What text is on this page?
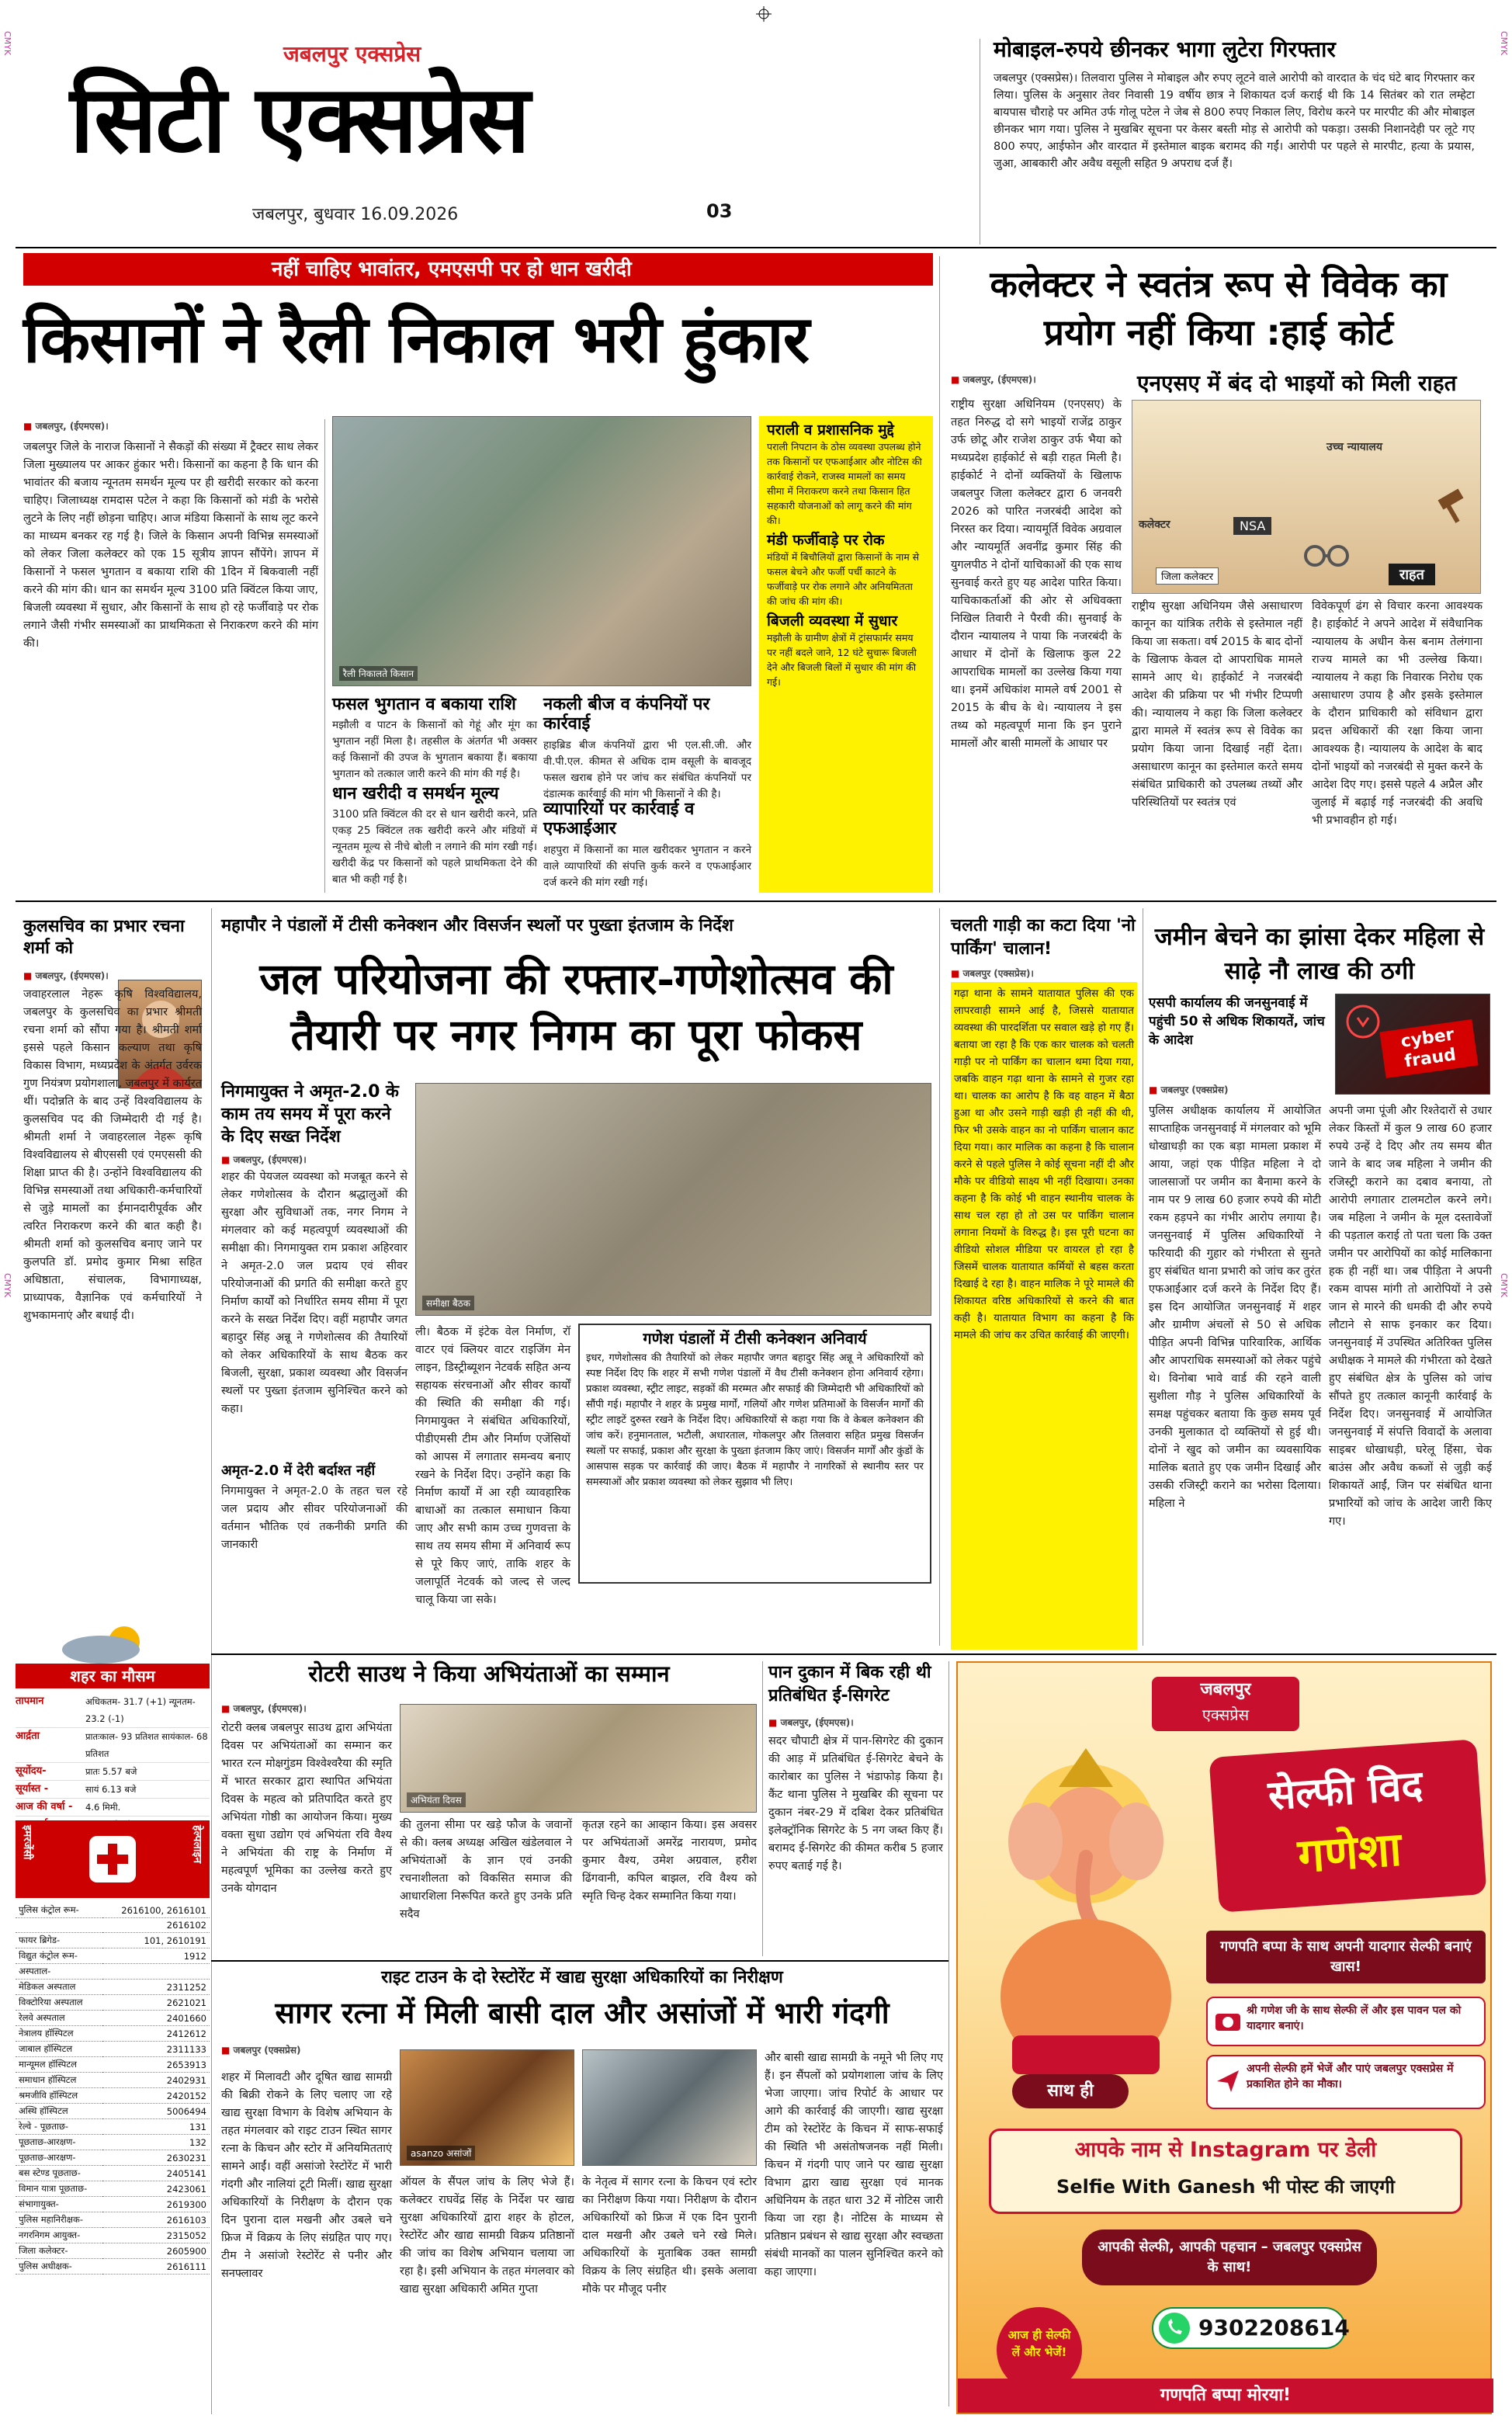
CMYK	CMYK
CMYK	CMYK
जबलपुर एक्सप्रेस
सिटी एक्सप्रेस
जबलपुर, बुधवार 16.09.2026	03
मोबाइल-रुपये छीनकर भागा लुटेरा गिरफ्तार
जबलपुर (एक्सप्रेस)। तिलवारा पुलिस ने मोबाइल और रुपए लूटने वाले आरोपी को वारदात के चंद घंटे बाद गिरफ्तार कर लिया। पुलिस के अनुसार तेवर निवासी 19 वर्षीय छात्र ने शिकायत दर्ज कराई थी कि 14 सितंबर को रात लम्हेटा बायपास चौराहे पर अमित उर्फ गोलू पटेल ने जेब से 800 रुपए निकाल लिए, विरोध करने पर मारपीट की और मोबाइल छीनकर भाग गया। पुलिस ने मुखबिर सूचना पर केसर बस्ती मोड़ से आरोपी को पकड़ा। उसकी निशानदेही पर लूटे गए 800 रुपए, आईफोन और वारदात में इस्तेमाल बाइक बरामद की गईं। आरोपी पर पहले से मारपीट, हत्या के प्रयास, जुआ, आबकारी और अवैध वसूली सहित 9 अपराध दर्ज हैं।
नहीं चाहिए भावांतर, एमएसपी पर हो धान खरीदी
किसानों ने रैली निकाल भरी हुंकार
■ जबलपुर, (ईएमएस)।
जबलपुर जिले के नाराज किसानों ने सैकड़ों की संख्या में ट्रैक्टर साथ लेकर जिला मुख्यालय पर आकर हुंकार भरी। किसानों का कहना है कि धान की भावांतर की बजाय न्यूनतम समर्थन मूल्य पर ही खरीदी सरकार को करना चाहिए। जिलाध्यक्ष रामदास पटेल ने कहा कि किसानों को मंडी के भरोसे लुटने के लिए नहीं छोड़ना चाहिए। आज मंडिया किसानों के साथ लूट करने का माध्यम बनकर रह गई है। जिले के किसान अपनी विभिन्न समस्याओं को लेकर जिला कलेक्टर को एक 15 सूत्रीय ज्ञापन सौंपेंगे। ज्ञापन में किसानों ने फसल भुगतान व बकाया राशि की 1दिन में बिकवाली नहीं करने की मांग की। धान का समर्थन मूल्य 3100 प्रति क्विंटल किया जाए, बिजली व्यवस्था में सुधार, और किसानों के साथ हो रहे फर्जीवाड़े पर रोक लगाने जैसी गंभीर समस्याओं का प्राथमिकता से निराकरण करने की मांग की।
रैली निकालते किसान
फसल भुगतान व बकाया राशि
मझौली व पाटन के किसानों को गेहूं और मूंग का भुगतान नहीं मिला है। तहसील के अंतर्गत भी अक्सर कई किसानों की उपज के भुगतान बकाया हैं। बकाया भुगतान को तत्काल जारी करने की मांग की गई है।
नकली बीज व कंपनियों पर कार्रवाई
हाइब्रिड बीज कंपनियों द्वारा भी एल.सी.जी. और वी.पी.एल. कीमत से अधिक दाम वसूली के बावजूद फसल खराब होने पर जांच कर संबंधित कंपनियों पर दंडात्मक कार्रवाई की मांग भी किसानों ने की है।
धान खरीदी व समर्थन मूल्य
3100 प्रति क्विंटल की दर से धान खरीदी करने, प्रति एकड़ 25 क्विंटल तक खरीदी करने और मंडियों में न्यूनतम मूल्य से नीचे बोली न लगाने की मांग रखी गई। खरीदी केंद्र पर किसानों को पहले प्राथमिकता देने की बात भी कही गई है।
व्यापारियों पर कार्रवाई व एफआईआर
शहपुरा में किसानों का माल खरीदकर भुगतान न करने वाले व्यापारियों की संपत्ति कुर्क करने व एफआईआर दर्ज करने की मांग रखी गई।
पराली व प्रशासनिक मुद्दे
पराली निपटान के ठोस व्यवस्था उपलब्ध होने तक किसानों पर एफआईआर और नोटिस की कार्रवाई रोकने, राजस्व मामलों का समय सीमा में निराकरण करने तथा किसान हित सहकारी योजनाओं को लागू करने की मांग की।
मंडी फर्जीवाड़े पर रोक
मंडियों में बिचौलियों द्वारा किसानों के नाम से फसल बेचने और फर्जी पर्ची काटने के फर्जीवाड़े पर रोक लगाने और अनियमितता की जांच की मांग की।
बिजली व्यवस्था में सुधार
मझौली के ग्रामीण क्षेत्रों में ट्रांसफार्मर समय पर नहीं बदले जाने, 12 घंटे सुचारू बिजली देने और बिजली बिलों में सुधार की मांग की गई।
कलेक्टर ने स्वतंत्र रूप से विवेक का प्रयोग नहीं किया :हाई कोर्ट
■ जबलपुर, (ईएमएस)।	एनएसए में बंद दो भाइयों को मिली राहत
राष्ट्रीय सुरक्षा अधिनियम (एनएसए) के तहत निरुद्ध दो सगे भाइयों राजेंद्र ठाकुर उर्फ छोटू और राजेश ठाकुर उर्फ भैया को मध्यप्रदेश हाईकोर्ट से बड़ी राहत मिली है। हाईकोर्ट ने दोनों व्यक्तियों के खिलाफ जबलपुर जिला कलेक्टर द्वारा 6 जनवरी 2026 को पारित नजरबंदी आदेश को निरस्त कर दिया। न्यायमूर्ति विवेक अग्रवाल और न्यायमूर्ति अवनींद्र कुमार सिंह की युगलपीठ ने दोनों याचिकाओं की एक साथ सुनवाई करते हुए यह आदेश पारित किया। याचिकाकर्ताओं की ओर से अधिवक्ता निखिल तिवारी ने पैरवी की। सुनवाई के दौरान न्यायालय ने पाया कि नजरबंदी के आधार में दोनों के खिलाफ कुल 22 आपराधिक मामलों का उल्लेख किया गया था। इनमें अधिकांश मामले वर्ष 2001 से 2015 के बीच के थे। न्यायालय ने इस तथ्य को महत्वपूर्ण माना कि इन पुराने मामलों और बासी मामलों के आधार पर
NSA
कलेक्टर
उच्च न्यायालय
राहत
जिला कलेक्टर
राष्ट्रीय सुरक्षा अधिनियम जैसे असाधारण कानून का यांत्रिक तरीके से इस्तेमाल नहीं किया जा सकता। वर्ष 2015 के बाद दोनों के खिलाफ केवल दो आपराधिक मामले सामने आए थे। हाईकोर्ट ने नजरबंदी आदेश की प्रक्रिया पर भी गंभीर टिप्पणी की। न्यायालय ने कहा कि जिला कलेक्टर द्वारा मामले में स्वतंत्र रूप से विवेक का प्रयोग किया जाना दिखाई नहीं देता। असाधारण कानून का इस्तेमाल करते समय संबंधित प्राधिकारी को उपलब्ध तथ्यों और परिस्थितियों पर स्वतंत्र एवं
विवेकपूर्ण ढंग से विचार करना आवश्यक है। हाईकोर्ट ने अपने आदेश में संवैधानिक न्यायालय के अधीन केस बनाम तेलंगाना राज्य मामले का भी उल्लेख किया। न्यायालय ने कहा कि निवारक निरोध एक असाधारण उपाय है और इसके इस्तेमाल के दौरान प्राधिकारी को संविधान द्वारा प्रदत्त अधिकारों की रक्षा किया जाना आवश्यक है। न्यायालय के आदेश के बाद दोनों भाइयों को नजरबंदी से मुक्त करने के आदेश दिए गए। इससे पहले 4 अप्रैल और जुलाई में बढ़ाई गई नजरबंदी की अवधि भी प्रभावहीन हो गई।
कुलसचिव का प्रभार रचना शर्मा को
■ जबलपुर, (ईएमएस)।
जवाहरलाल नेहरू कृषि विश्वविद्यालय, जबलपुर के कुलसचिव का प्रभार श्रीमती रचना शर्मा को सौंपा गया है। श्रीमती शर्मा इससे पहले किसान कल्याण तथा कृषि विकास विभाग, मध्यप्रदेश के अंतर्गत उर्वरक गुण नियंत्रण प्रयोगशाला, जबलपुर में कार्यरत थीं। पदोन्नति के बाद उन्हें विश्वविद्यालय के कुलसचिव पद की जिम्मेदारी दी गई है। श्रीमती शर्मा ने जवाहरलाल नेहरू कृषि विश्वविद्यालय से बीएससी एवं एमएससी की शिक्षा प्राप्त की है। उन्होंने विश्वविद्यालय की विभिन्न समस्याओं तथा अधिकारी-कर्मचारियों से जुड़े मामलों का ईमानदारीपूर्वक और त्वरित निराकरण करने की बात कही है। श्रीमती शर्मा को कुलसचिव बनाए जाने पर कुलपति डॉ. प्रमोद कुमार मिश्रा सहित अधिष्ठाता, संचालक, विभागाध्यक्ष, प्राध्यापक, वैज्ञानिक एवं कर्मचारियों ने शुभकामनाएं और बधाई दी।
शहर का मौसम
तापमान	अधिकतम- 31.7 (+1) न्यूनतम- 23.2 (-1)
आर्द्रता	प्रातःकाल- 93 प्रतिशत सायंकाल- 68 प्रतिशत
सूर्योदय-	प्रातः 5.57 बजे
सूर्यास्त -	सायं 6.13 बजे
आज की वर्षा -	4.6 मिमी.
इमरजेंसी	हेल्पलाइन
पुलिस कंट्रोल रूम-	2616100, 2616101
	2616102
फायर ब्रिगेड-	101, 2610191
विद्युत कंट्रोल रूम-	1912
अस्पताल-	
मेडिकल अस्पताल	2311252
विक्टोरिया अस्पताल	2621021
रेलवे अस्पताल	2401660
नेत्रालय हॉस्पिटल	2412612
जाबाल हॉस्पिटल	2311133
मान्यूमल हॉस्पिटल	2653913
समाधान हॉस्पिटल	2402931
श्रमजीवि हॉस्पिटल	2420152
अस्थि हॉस्पिटल	5006494
रेल्वे - पूछताछ-	131
पूछताछ-आरक्षण-	132
पूछताछ-आरक्षण-	2630231
बस स्टेण्ड पूछताछ-	2405141
विमान यात्रा पूछताछ-	2423061
संभागायुक्त-	2619300
पुलिस महानिरीक्षक-	2616103
नगरनिगम आयुक्त-	2315052
जिला कलेक्टर-	2605900
पुलिस अधीक्षक-	2616111
महापौर ने पंडालों में टीसी कनेक्शन और विसर्जन स्थलों पर पुख्ता इंतजाम के निर्देश
जल परियोजना की रफ्तार-गणेशोत्सव की तैयारी पर नगर निगम का पूरा फोकस
निगमायुक्त ने अमृत-2.0 के काम तय समय में पूरा करने के दिए सख्त निर्देश
■ जबलपुर, (ईएमएस)।
समीक्षा बैठक
शहर की पेयजल व्यवस्था को मजबूत करने से लेकर गणेशोत्सव के दौरान श्रद्धालुओं की सुरक्षा और सुविधाओं तक, नगर निगम ने मंगलवार को कई महत्वपूर्ण व्यवस्थाओं की समीक्षा की। निगमायुक्त राम प्रकाश अहिरवार ने अमृत-2.0 जल प्रदाय एवं सीवर परियोजनाओं की प्रगति की समीक्षा करते हुए निर्माण कार्यों को निर्धारित समय सीमा में पूरा करने के सख्त निर्देश दिए। वहीं महापौर जगत बहादुर सिंह अन्नू ने गणेशोत्सव की तैयारियों को लेकर अधिकारियों के साथ बैठक कर बिजली, सुरक्षा, प्रकाश व्यवस्था और विसर्जन स्थलों पर पुख्ता इंतजाम सुनिश्चित करने को कहा।
अमृत-2.0 में देरी बर्दाश्त नहीं
निगमायुक्त ने अमृत-2.0 के तहत चल रहे जल प्रदाय और सीवर परियोजनाओं की वर्तमान भौतिक एवं तकनीकी प्रगति की जानकारी
ली। बैठक में इंटेक वेल निर्माण, रॉ वाटर एवं क्लियर वाटर राइजिंग मेन लाइन, डिस्ट्रीब्यूशन नेटवर्क सहित अन्य सहायक संरचनाओं और सीवर कार्यों की स्थिति की समीक्षा की गई। निगमायुक्त ने संबंधित अधिकारियों, पीडीएमसी टीम और निर्माण एजेंसियों को आपस में लगातार समन्वय बनाए रखने के निर्देश दिए। उन्होंने कहा कि निर्माण कार्यों में आ रही व्यावहारिक बाधाओं का तत्काल समाधान किया जाए और सभी काम उच्च गुणवत्ता के साथ तय समय सीमा में अनिवार्य रूप से पूरे किए जाएं, ताकि शहर के जलापूर्ति नेटवर्क को जल्द से जल्द चालू किया जा सके।
गणेश पंडालों में टीसी कनेक्शन अनिवार्य
इधर, गणेशोत्सव की तैयारियों को लेकर महापौर जगत बहादुर सिंह अन्नू ने अधिकारियों को स्पष्ट निर्देश दिए कि शहर में सभी गणेश पंडालों में वैध टीसी कनेक्शन होना अनिवार्य रहेगा। प्रकाश व्यवस्था, स्ट्रीट लाइट, सड़कों की मरम्मत और सफाई की जिम्मेदारी भी अधिकारियों को सौंपी गई। महापौर ने शहर के प्रमुख मार्गों, गलियों और गणेश प्रतिमाओं के विसर्जन मार्गों की स्ट्रीट लाइटें दुरुस्त रखने के निर्देश दिए। अधिकारियों से कहा गया कि वे केबल कनेक्शन की जांच करें। हनुमानताल, भटौली, अधारताल, गोकलपुर और तिलवारा सहित प्रमुख विसर्जन स्थलों पर सफाई, प्रकाश और सुरक्षा के पुख्ता इंतजाम किए जाएं। विसर्जन मार्गों और कुंडों के आसपास सड़क पर कार्रवाई की जाए। बैठक में महापौर ने नागरिकों से स्थानीय स्तर पर समस्याओं और प्रकाश व्यवस्था को लेकर सुझाव भी लिए।
चलती गाड़ी का कटा दिया 'नो पार्किंग' चालान!
■ जबलपुर (एक्सप्रेस)।
गढ़ा थाना के सामने यातायात पुलिस की एक लापरवाही सामने आई है, जिससे यातायात व्यवस्था की पारदर्शिता पर सवाल खड़े हो गए हैं। बताया जा रहा है कि एक कार चालक को चलती गाड़ी पर नो पार्किंग का चालान थमा दिया गया, जबकि वाहन गढ़ा थाना के सामने से गुजर रहा था। चालक का आरोप है कि वह वाहन में बैठा हुआ था और उसने गाड़ी खड़ी ही नहीं की थी, फिर भी उसके वाहन का नो पार्किंग चालान काट दिया गया। कार मालिक का कहना है कि चालान करने से पहले पुलिस ने कोई सूचना नहीं दी और मौके पर वीडियो साक्ष्य भी नहीं दिखाया। उनका कहना है कि कोई भी वाहन स्थानीय चालक के साथ चल रहा हो तो उस पर पार्किंग चालान लगाना नियमों के विरुद्ध है। इस पूरी घटना का वीडियो सोशल मीडिया पर वायरल हो रहा है जिसमें चालक यातायात कर्मियों से बहस करता दिखाई दे रहा है। वाहन मालिक ने पूरे मामले की शिकायत वरिष्ठ अधिकारियों से करने की बात कही है। यातायात विभाग का कहना है कि मामले की जांच कर उचित कार्रवाई की जाएगी।
जमीन बेचने का झांसा देकर महिला से साढ़े नौ लाख की ठगी
एसपी कार्यालय की जनसुनवाई में पहुंची 50 से अधिक शिकायतें, जांच के आदेश
■ जबलपुर (एक्सप्रेस)
cyber fraud
पुलिस अधीक्षक कार्यालय में आयोजित साप्ताहिक जनसुनवाई में मंगलवार को भूमि धोखाधड़ी का एक बड़ा मामला प्रकाश में आया, जहां एक पीड़ित महिला ने दो जालसाजों पर जमीन का बैनामा करने के नाम पर 9 लाख 60 हजार रुपये की मोटी रकम हड़पने का गंभीर आरोप लगाया है। जनसुनवाई में पुलिस अधिकारियों ने फरियादी की गुहार को गंभीरता से सुनते हुए संबंधित थाना प्रभारी को जांच कर तुरंत एफआईआर दर्ज करने के निर्देश दिए हैं। इस दिन आयोजित जनसुनवाई में शहर और ग्रामीण अंचलों से 50 से अधिक पीड़ित अपनी विभिन्न पारिवारिक, आर्थिक और आपराधिक समस्याओं को लेकर पहुंचे थे। विनोबा भावे वार्ड की रहने वाली सुशीला गौड़ ने पुलिस अधिकारियों के समक्ष पहुंचकर बताया कि कुछ समय पूर्व उनकी मुलाकात दो व्यक्तियों से हुई थी। दोनों ने खुद को जमीन का व्यवसायिक मालिक बताते हुए एक जमीन दिखाई और उसकी रजिस्ट्री कराने का भरोसा दिलाया। महिला ने
अपनी जमा पूंजी और रिश्तेदारों से उधार लेकर किस्तों में कुल 9 लाख 60 हजार रुपये उन्हें दे दिए और तय समय बीत जाने के बाद जब महिला ने जमीन की रजिस्ट्री कराने का दबाव बनाया, तो आरोपी लगातार टालमटोल करने लगे। जब महिला ने जमीन के मूल दस्तावेजों की पड़ताल कराई तो पता चला कि उक्त जमीन पर आरोपियों का कोई मालिकाना हक ही नहीं था। जब पीड़िता ने अपनी रकम वापस मांगी तो आरोपियों ने उसे जान से मारने की धमकी दी और रुपये लौटाने से साफ इनकार कर दिया। जनसुनवाई में उपस्थित अतिरिक्त पुलिस अधीक्षक ने मामले की गंभीरता को देखते हुए संबंधित क्षेत्र के पुलिस को जांच सौंपते हुए तत्काल कानूनी कार्रवाई के निर्देश दिए। जनसुनवाई में आयोजित जनसुनवाई में संपत्ति विवादों के अलावा साइबर धोखाधड़ी, घरेलू हिंसा, चेक बाउंस और अवैध कब्जों से जुड़ी कई शिकायतें आईं, जिन पर संबंधित थाना प्रभारियों को जांच के आदेश जारी किए गए।
रोटरी साउथ ने किया अभियंताओं का सम्मान
■ जबलपुर, (ईएमएस)।
रोटरी क्लब जबलपुर साउथ द्वारा अभियंता दिवस पर अभियंताओं का सम्मान कर भारत रत्न मोक्षगुंडम विश्वेश्वरैया की स्मृति में भारत सरकार द्वारा स्थापित अभियंता दिवस के महत्व को प्रतिपादित करते हुए अभियंता गोष्ठी का आयोजन किया। मुख्य वक्ता सुधा उद्योग एवं अभियंता रवि वैश्य ने अभियंता की राष्ट्र के निर्माण में महत्वपूर्ण भूमिका का उल्लेख करते हुए उनके योगदान
अभियंता दिवस
की तुलना सीमा पर खड़े फौज के जवानों से की। क्लब अध्यक्ष अखिल खंडेलवाल ने अभियंताओं के ज्ञान एवं उनकी रचनाशीलता को विकसित समाज की आधारशिला निरूपित करते हुए उनके प्रति सदैव
कृतज्ञ रहने का आव्हान किया। इस अवसर पर अभियंताओं अमरेंद्र नारायण, प्रमोद कुमार वैश्य, उमेश अग्रवाल, हरीश ढिंगवानी, कपिल बाझल, रवि वैश्य को स्मृति चिन्ह देकर सम्मानित किया गया।
पान दुकान में बिक रही थी प्रतिबंधित ई-सिगरेट
■ जबलपुर, (ईएमएस)।
सदर चौपाटी क्षेत्र में पान-सिगरेट की दुकान की आड़ में प्रतिबंधित ई-सिगरेट बेचने के कारोबार का पुलिस ने भंडाफोड़ किया है। कैंट थाना पुलिस ने मुखबिर की सूचना पर दुकान नंबर-29 में दबिश देकर प्रतिबंधित इलेक्ट्रॉनिक सिगरेट के 5 नग जब्त किए हैं। बरामद ई-सिगरेट की कीमत करीब 5 हजार रुपए बताई गई है।
राइट टाउन के दो रेस्टोरेंट में खाद्य सुरक्षा अधिकारियों का निरीक्षण
सागर रत्ना में मिली बासी दाल और असांजों में भारी गंदगी
■ जबलपुर (एक्सप्रेस)
शहर में मिलावटी और दूषित खाद्य सामग्री की बिक्री रोकने के लिए चलाए जा रहे खाद्य सुरक्षा विभाग के विशेष अभियान के तहत मंगलवार को राइट टाउन स्थित सागर रत्ना के किचन और स्टोर में अनियमितताएं सामने आईं। वहीं असांजो रेस्टोरेंट में भारी गंदगी और नालियां टूटी मिलीं। खाद्य सुरक्षा अधिकारियों के निरीक्षण के दौरान एक दिन पुराना दाल मखनी और उबले चने फ्रिज में विक्रय के लिए संग्रहित पाए गए। टीम ने असांजो रेस्टोरेंट से पनीर और सनफ्लावर
asanzo असांजों
ऑयल के सैंपल जांच के लिए भेजे हैं। कलेक्टर राघवेंद्र सिंह के निर्देश पर खाद्य सुरक्षा अधिकारियों द्वारा शहर के होटल, रेस्टोरेंट और खाद्य सामग्री विक्रय प्रतिष्ठानों की जांच का विशेष अभियान चलाया जा रहा है। इसी अभियान के तहत मंगलवार को खाद्य सुरक्षा अधिकारी अमित गुप्ता
के नेतृत्व में सागर रत्ना के किचन एवं स्टोर का निरीक्षण किया गया। निरीक्षण के दौरान अधिकारियों को फ्रिज में एक दिन पुरानी दाल मखनी और उबले चने रखे मिले। अधिकारियों के मुताबिक उक्त सामग्री विक्रय के लिए संग्रहित थी। इसके अलावा मौके पर मौजूद पनीर
और बासी खाद्य सामग्री के नमूने भी लिए गए हैं। इन सैंपलों को प्रयोगशाला जांच के लिए भेजा जाएगा। जांच रिपोर्ट के आधार पर आगे की कार्रवाई की जाएगी। खाद्य सुरक्षा टीम को रेस्टोरेंट के किचन में साफ-सफाई की स्थिति भी असंतोषजनक नहीं मिली। किचन में गंदगी पाए जाने पर खाद्य सुरक्षा विभाग द्वारा खाद्य सुरक्षा एवं मानक अधिनियम के तहत धारा 32 में नोटिस जारी किया जा रहा है। नोटिस के माध्यम से प्रतिष्ठान प्रबंधन से खाद्य सुरक्षा और स्वच्छता संबंधी मानकों का पालन सुनिश्चित करने को कहा जाएगा।
जबलपुर
एक्सप्रेस
सेल्फी विद
गणेशा
गणपति बप्पा के साथ अपनी यादगार सेल्फी बनाएं खास!
श्री गणेश जी के साथ सेल्फी लें और इस पावन पल को यादगार बनाएं।
साथ ही
अपनी सेल्फी हमें भेजें और पाएं जबलपुर एक्सप्रेस में प्रकाशित होने का मौका।
आपके नाम से Instagram पर डेली
Selfie With Ganesh भी पोस्ट की जाएगी
आपकी सेल्फी, आपकी पहचान – जबलपुर एक्सप्रेस के साथ!
आज ही सेल्फी लें और भेजें!
9302208614
गणपति बप्पा मोरया!
